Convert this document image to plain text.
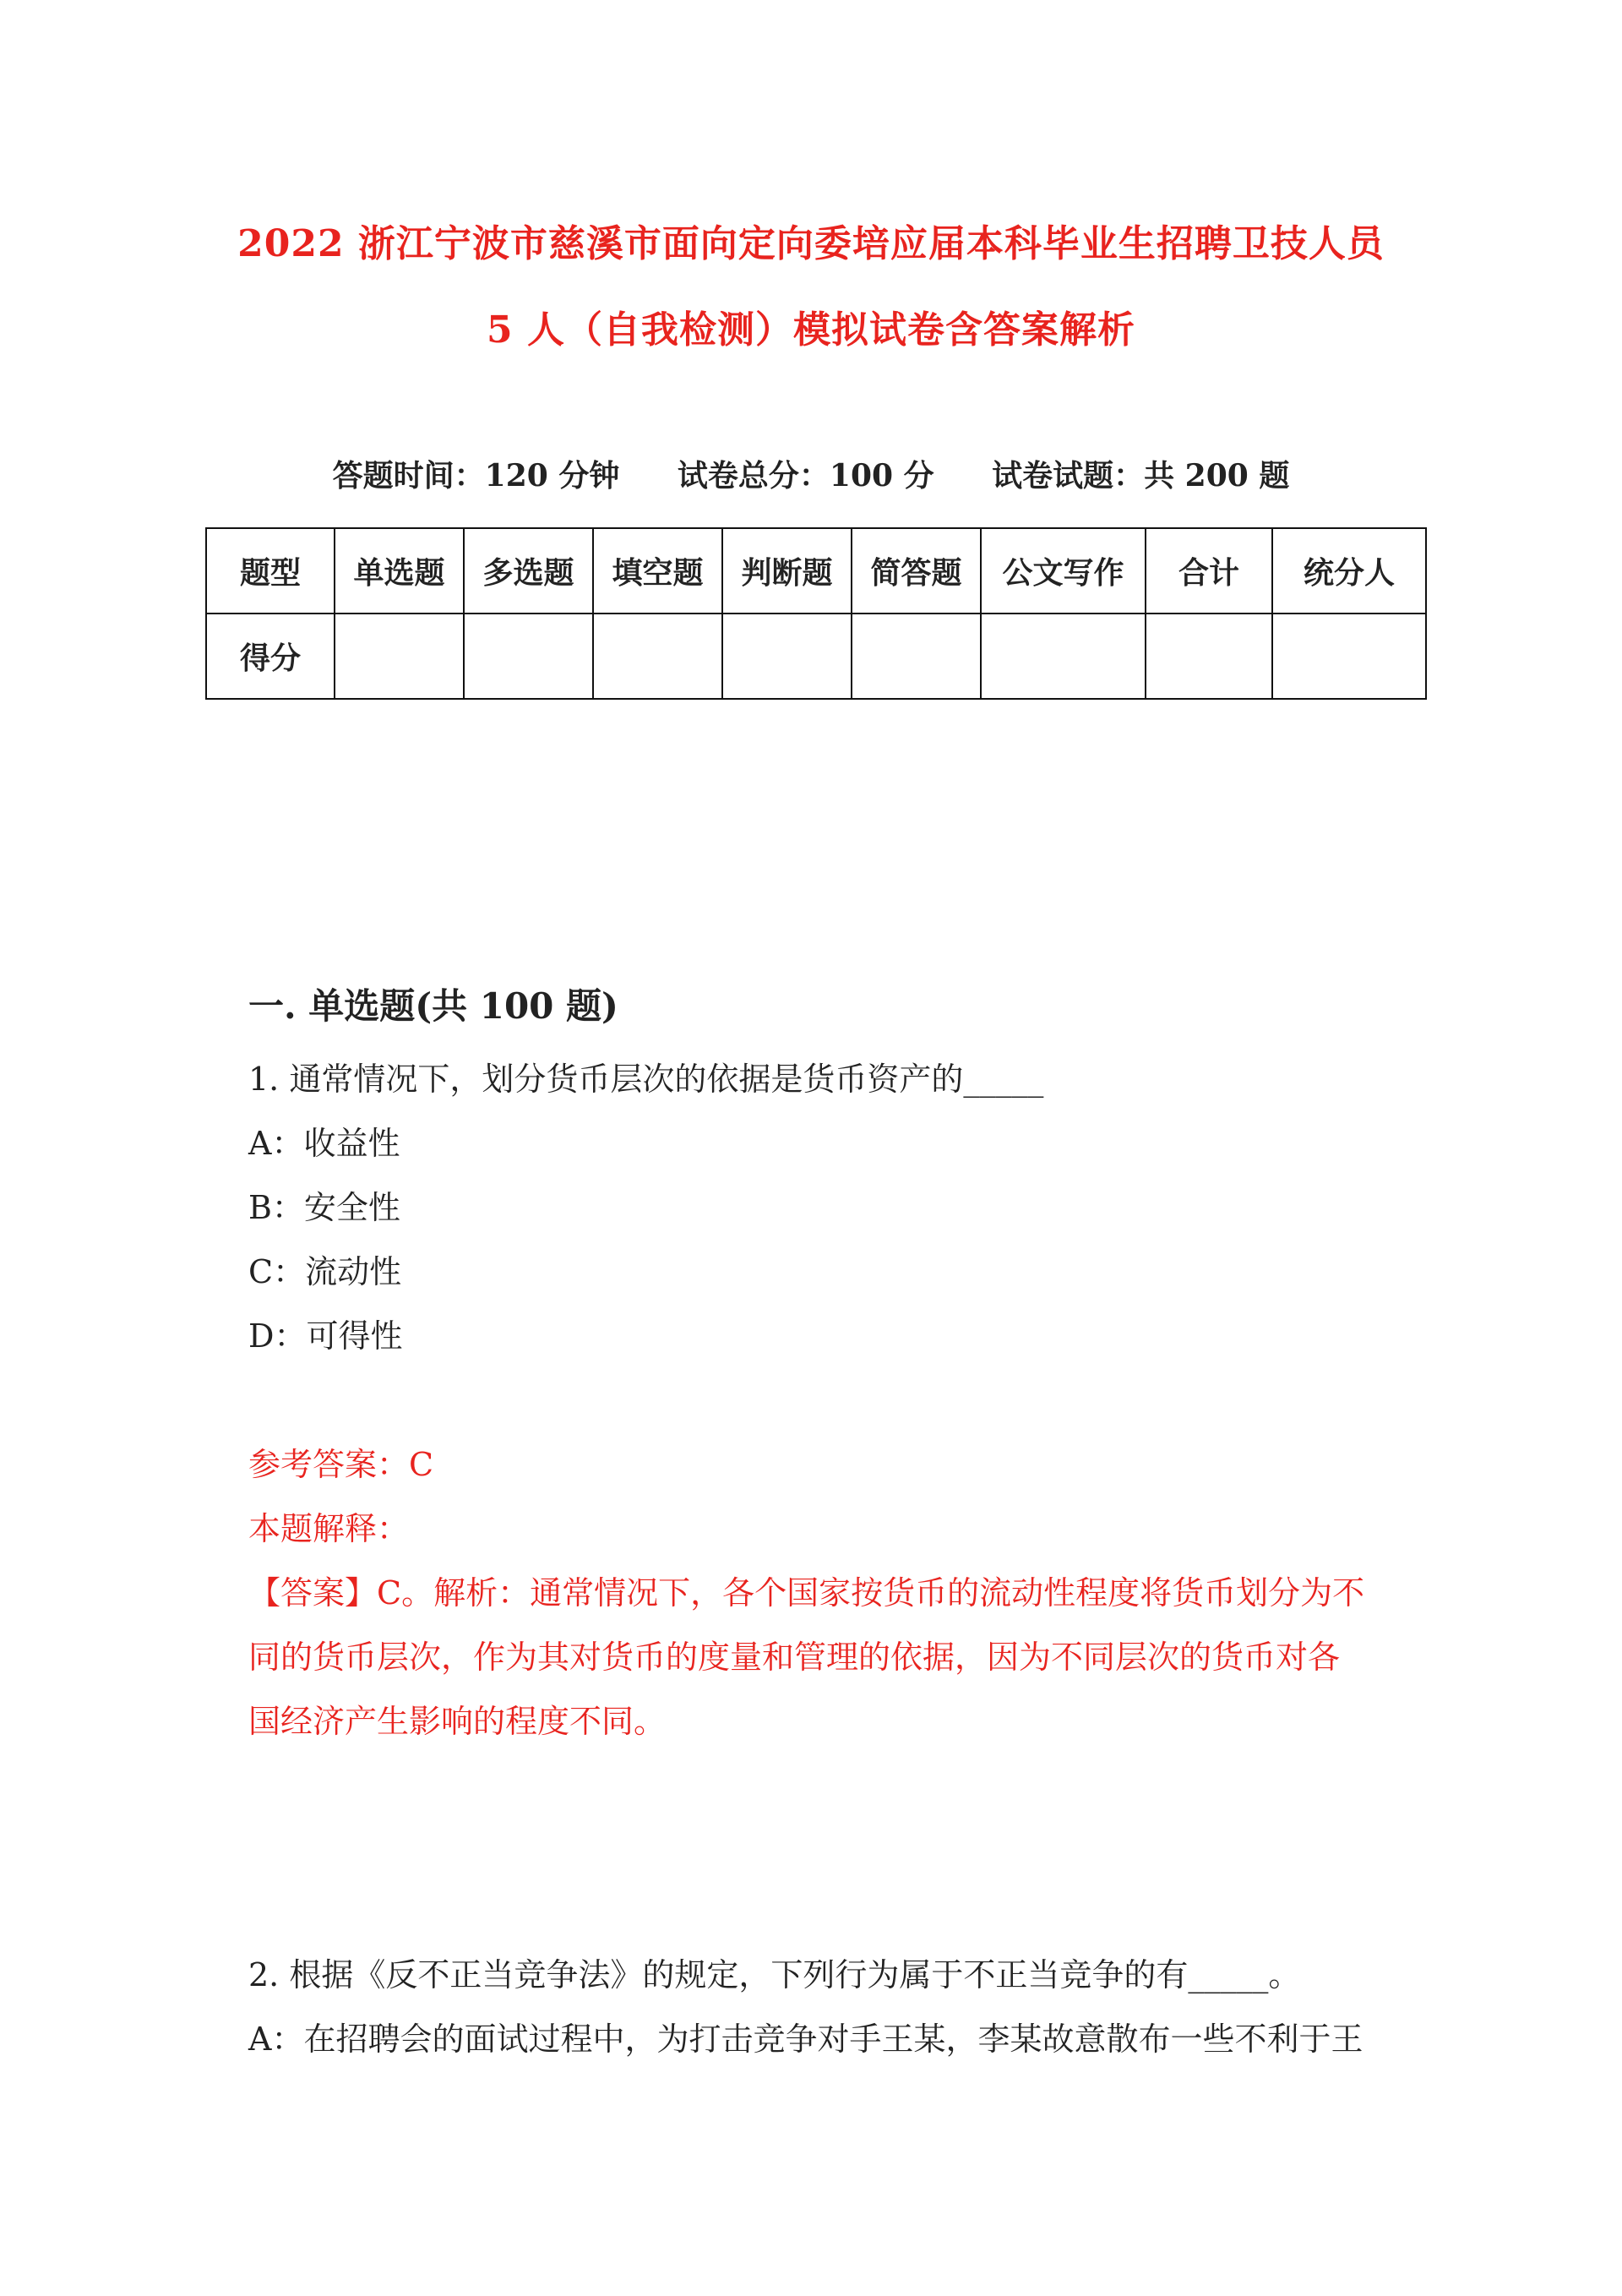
2022 浙江宁波市慈溪市面向定向委培应届本科毕业生招聘卫技人员
5 人（自我检测）模拟试卷含答案解析
答题时间：120 分钟 试卷总分：100 分 试卷试题：共 200 题
题型	单选题	多选题	填空题	判断题	简答题	公文写作	合计	统分人
得分								
一. 单选题(共 100 题)
1. 通常情况下，划分货币层次的依据是货币资产的_____
A：收益性
B：安全性
C：流动性
D：可得性
参考答案：C
本题解释：
【答案】C。解析：通常情况下，各个国家按货币的流动性程度将货币划分为不
同的货币层次，作为其对货币的度量和管理的依据，因为不同层次的货币对各
国经济产生影响的程度不同。
2. 根据《反不正当竞争法》的规定，下列行为属于不正当竞争的有_____。
A：在招聘会的面试过程中，为打击竞争对手王某，李某故意散布一些不利于王
